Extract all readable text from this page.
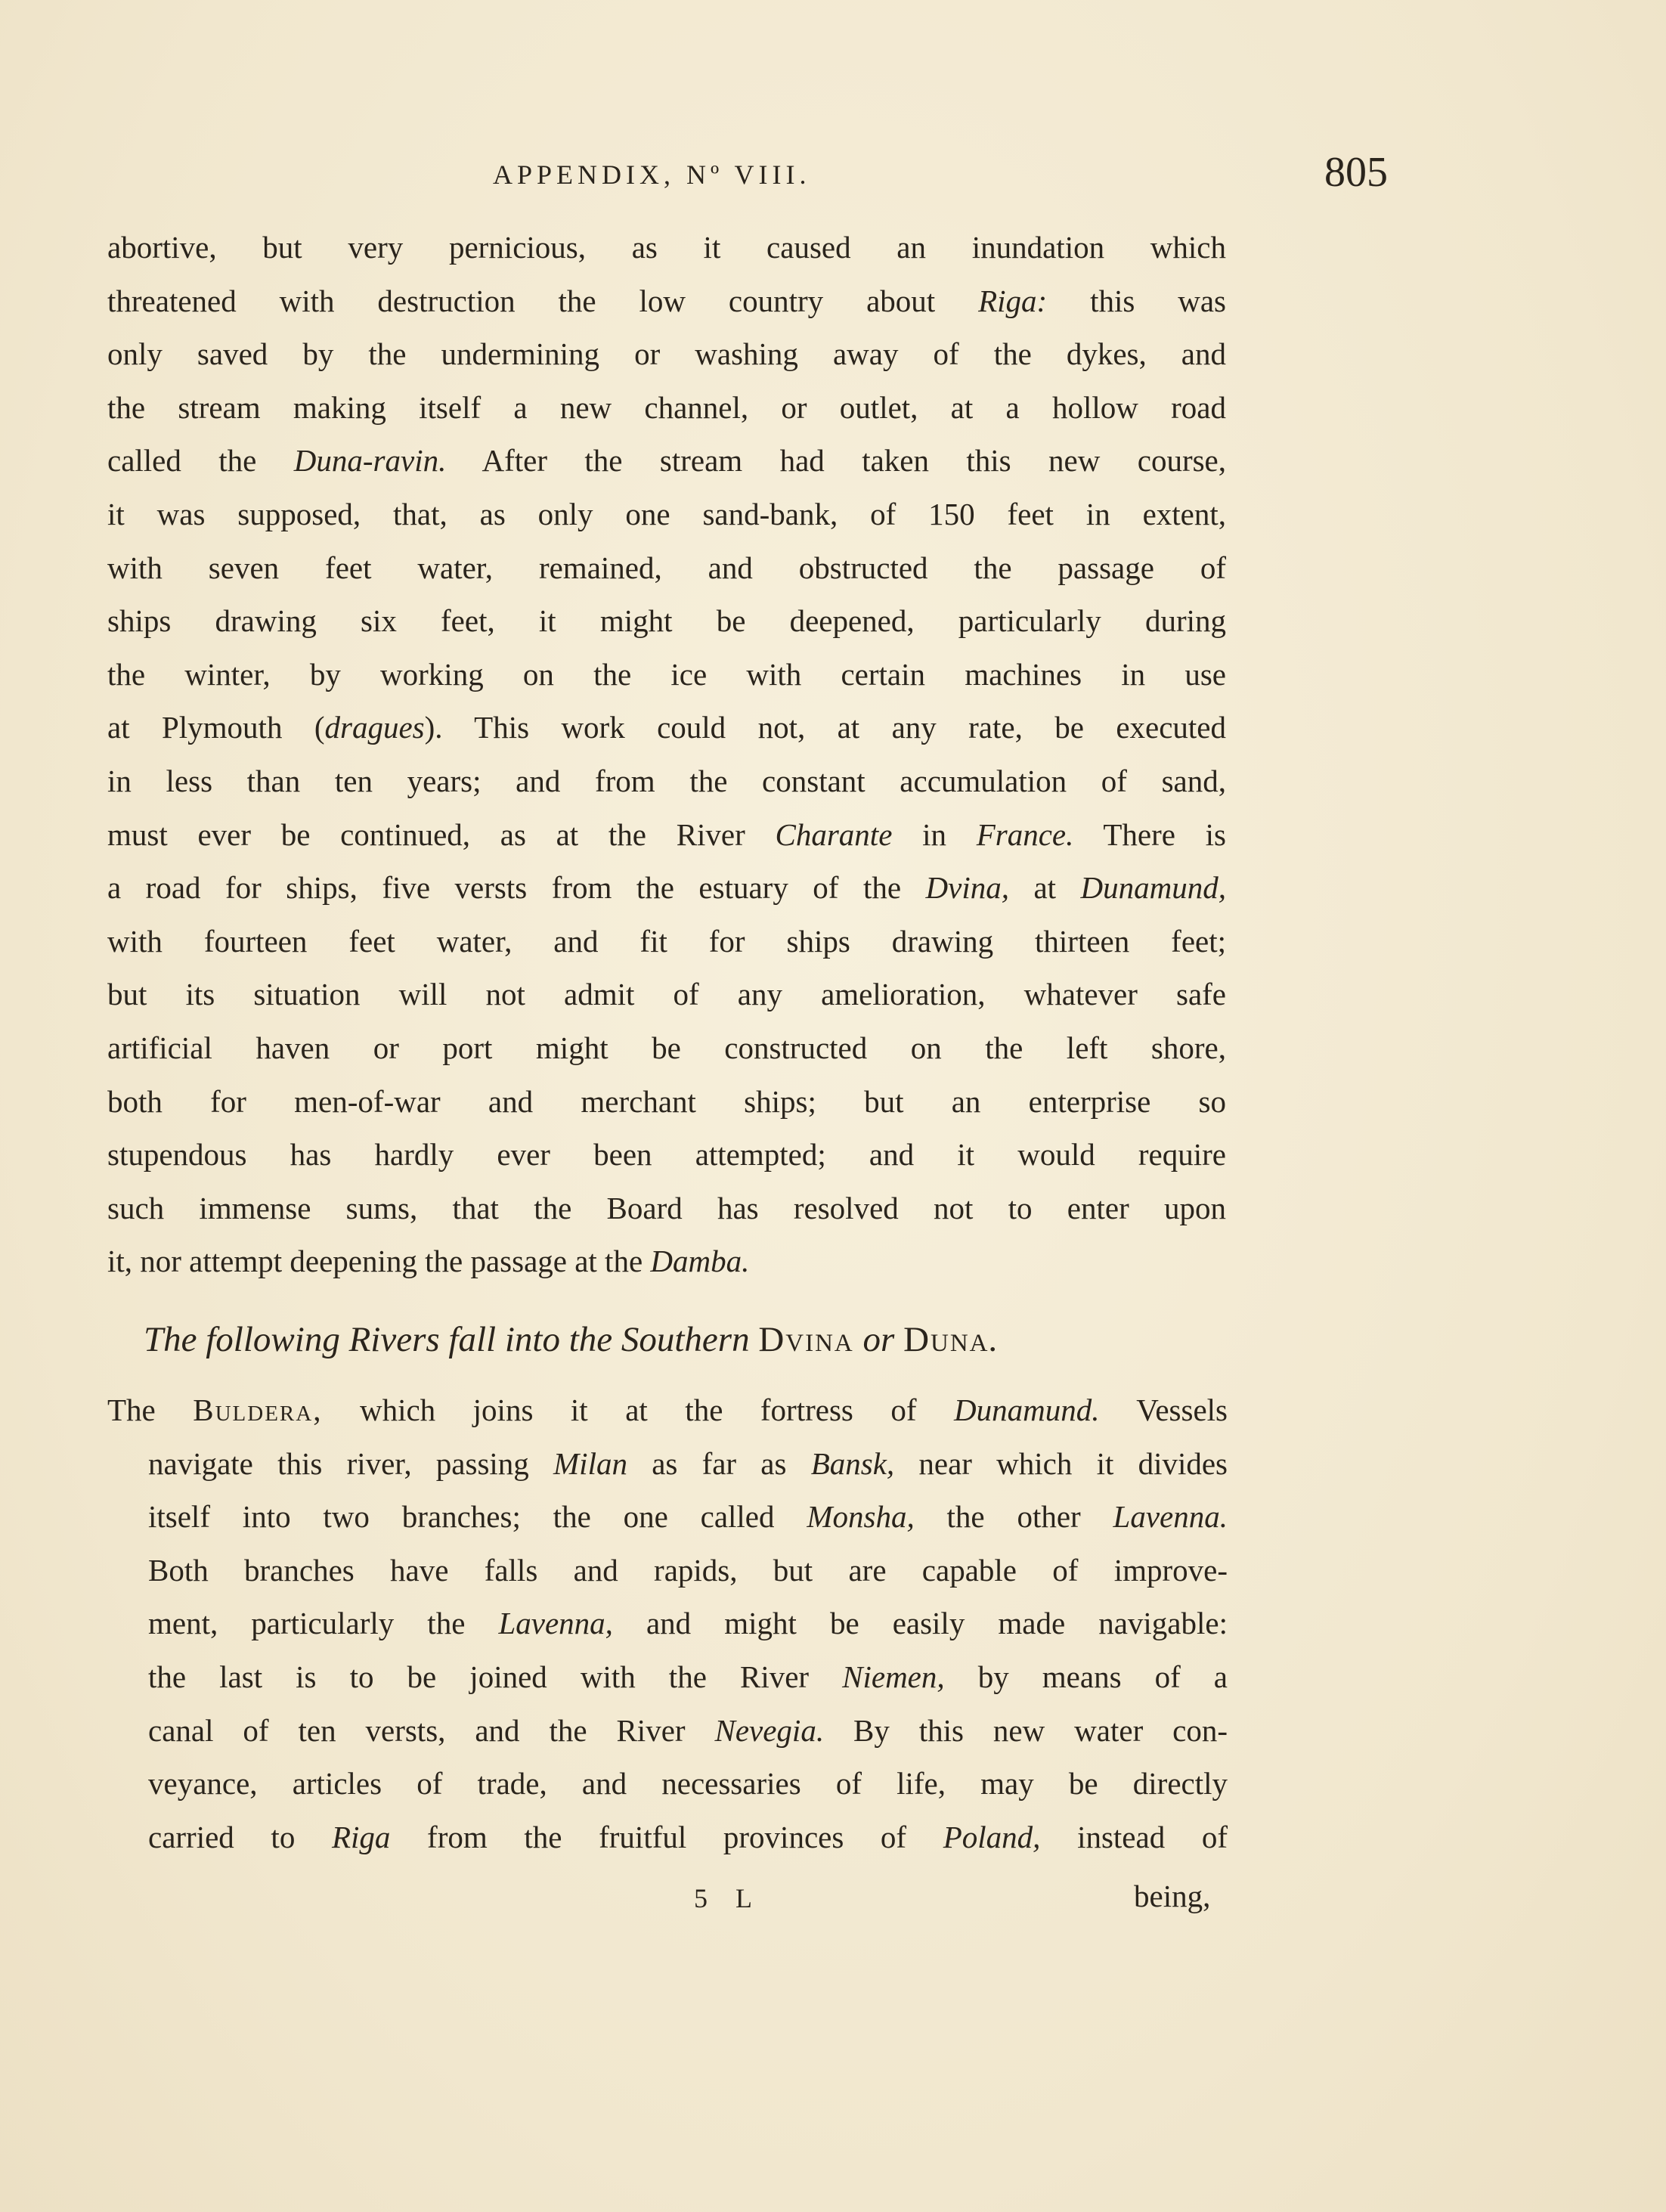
APPENDIX, Nº VIII.	805
abortive, but very pernicious, as it caused an inundation which
threatened with destruction the low country about Riga: this was
only saved by the undermining or washing away of the dykes, and
the stream making itself a new channel, or outlet, at a hollow road
called the Duna-ravin. After the stream had taken this new course,
it was supposed, that, as only one sand-bank, of 150 feet in extent,
with seven feet water, remained, and obstructed the passage of
ships drawing six feet, it might be deepened, particularly during
the winter, by working on the ice with certain machines in use
at Plymouth (dragues). This work could not, at any rate, be executed
in less than ten years; and from the constant accumulation of sand,
must ever be continued, as at the River Charante in France. There is
a road for ships, five versts from the estuary of the Dvina, at Dunamund,
with fourteen feet water, and fit for ships drawing thirteen feet;
but its situation will not admit of any amelioration, whatever safe
artificial haven or port might be constructed on the left shore,
both for men-of-war and merchant ships; but an enterprise so
stupendous has hardly ever been attempted; and it would require
such immense sums, that the Board has resolved not to enter upon
it, nor attempt deepening the passage at the Damba.
The following Rivers fall into the Southern Dvina or Duna.
The Buldera, which joins it at the fortress of Dunamund. Vessels
navigate this river, passing Milan as far as Bansk, near which it divides
itself into two branches; the one called Monsha, the other Lavenna.
Both branches have falls and rapids, but are capable of improve-
ment, particularly the Lavenna, and might be easily made navigable:
the last is to be joined with the River Niemen, by means of a
canal of ten versts, and the River Nevegia. By this new water con-
veyance, articles of trade, and necessaries of life, may be directly
carried to Riga from the fruitful provinces of Poland, instead of
5 L	being,
